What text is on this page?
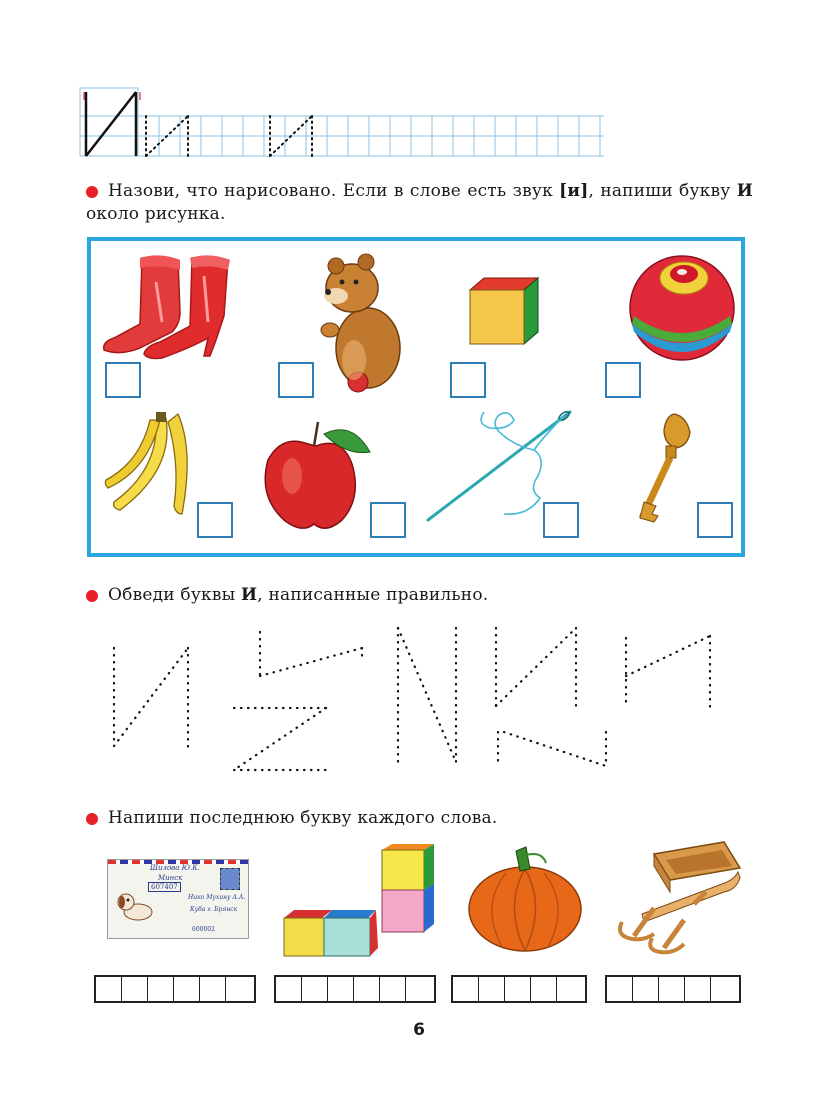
Назови, что нарисовано. Если в слове есть звук [и], напиши букву И
около рисунка.
Обведи буквы И, написанные правильно.
Напиши последнюю букву каждого слова.
Шилова Ю.К.
Минск
607407
Нико Мухину А.А.
Куба г. Брянск
600002
6
